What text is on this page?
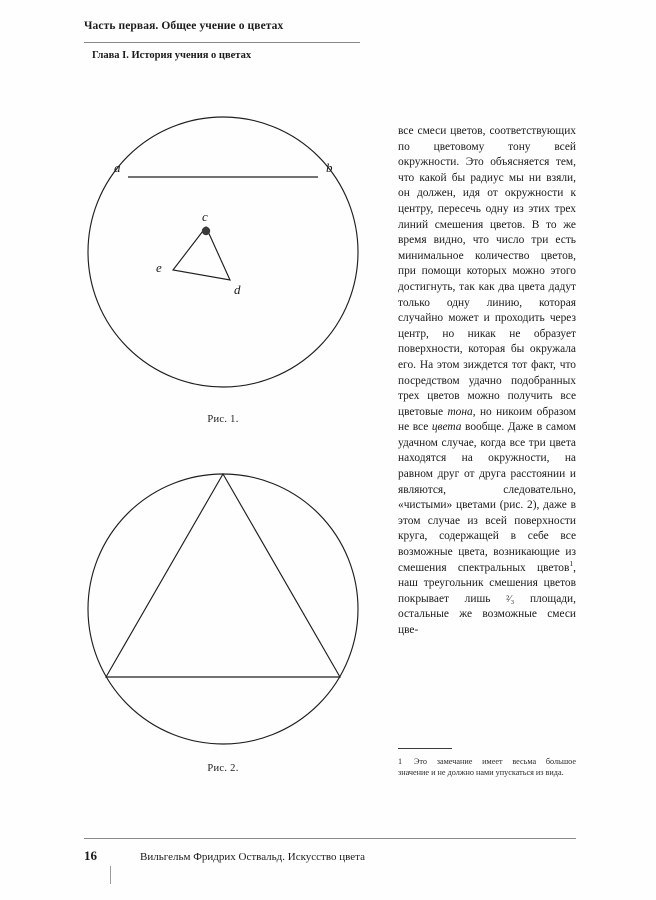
Часть первая. Общее учение о цветах
Глава I. История учения о цветах
a	b
c
e
d
Рис. 1.
Рис. 2.

все смеси цветов, соответствующих по цветовому тону всей окружности. Это объясняется тем, что какой бы радиус мы ни взяли, он должен, идя от окружности к центру, пересечь одну из этих трех линий смешения цветов. В то же время видно, что число три есть минимальное количество цветов, при помощи которых можно этого достигнуть, так как два цвета дадут только одну линию, которая случайно может и проходить через центр, но никак не образует поверхности, которая бы окружала его. На этом зиждется тот факт, что посредством удачно подобранных трех цветов можно получить все цветовые тона, но никоим образом не все цвета вообще. Даже в самом удачном случае, когда все три цвета находятся на окружности, на равном друг от друга расстоянии и являются, следовательно, «чистыми» цветами (рис. 2), даже в этом случае из всей поверхности круга, содержащей в себе все возможные цвета, возникающие из смешения спектральных цветов$^1$, наш треугольник смешения цветов покрывает лишь ²⁄₃ площади, остальные же возможные смеси цве-

1 Это замечание имеет весьма большое значение и не должно нами упускаться из вида.
16	Вильгельм Фридрих Оствальд. Искусство цвета
